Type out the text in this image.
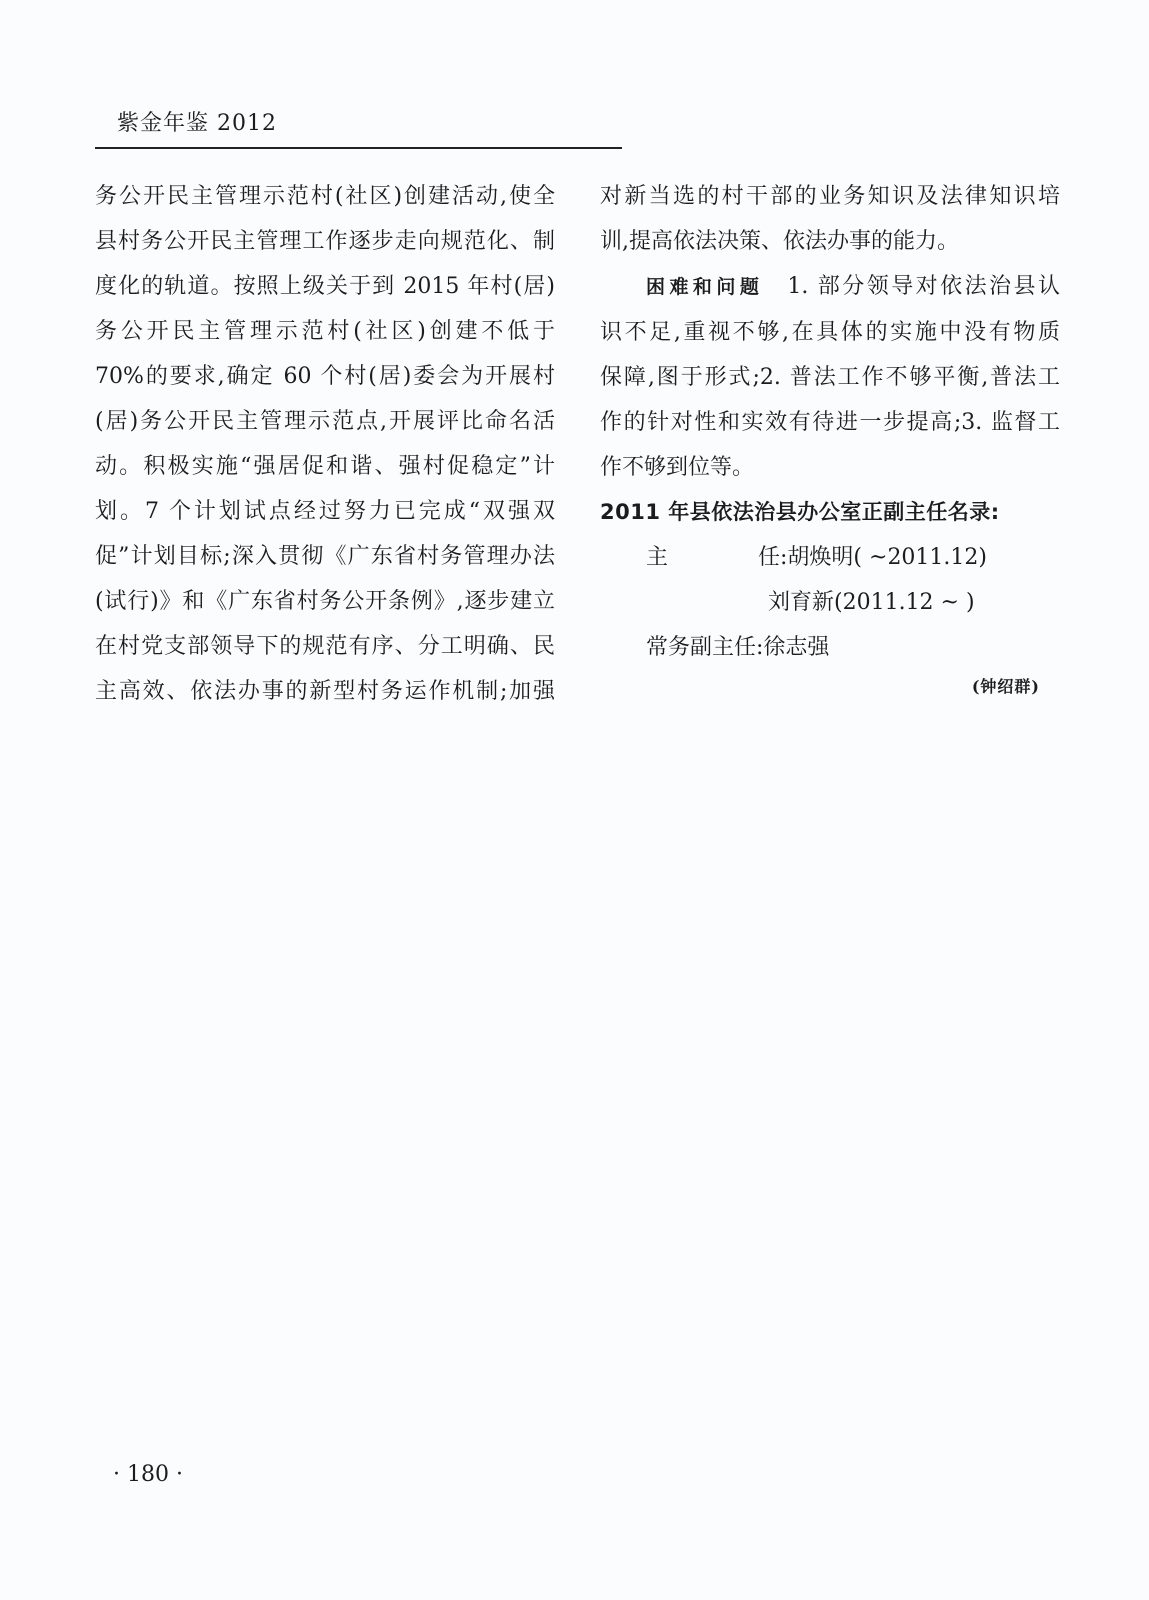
紫金年鉴 2012
务公开民主管理示范村(社区)创建活动,使全
县村务公开民主管理工作逐步走向规范化、制
度化的轨道。按照上级关于到 2015 年村(居)
务公开民主管理示范村(社区)创建不低于
70%的要求,确定 60 个村(居)委会为开展村
(居)务公开民主管理示范点,开展评比命名活
动。积极实施“强居促和谐、强村促稳定”计
划。7 个计划试点经过努力已完成“双强双
促”计划目标;深入贯彻《广东省村务管理办法
(试行)》和《广东省村务公开条例》,逐步建立
在村党支部领导下的规范有序、分工明确、民
主高效、依法办事的新型村务运作机制;加强
对新当选的村干部的业务知识及法律知识培
训,提高依法决策、依法办事的能力。
困难和问题 1. 部分领导对依法治县认
识不足,重视不够,在具体的实施中没有物质
保障,图于形式;2. 普法工作不够平衡,普法工
作的针对性和实效有待进一步提高;3. 监督工
作不够到位等。
2011 年县依法治县办公室正副主任名录:
主	任:胡焕明( ~2011.12)
刘育新(2011.12 ~ )
常务副主任:徐志强
(钟绍群)
· 180 ·
